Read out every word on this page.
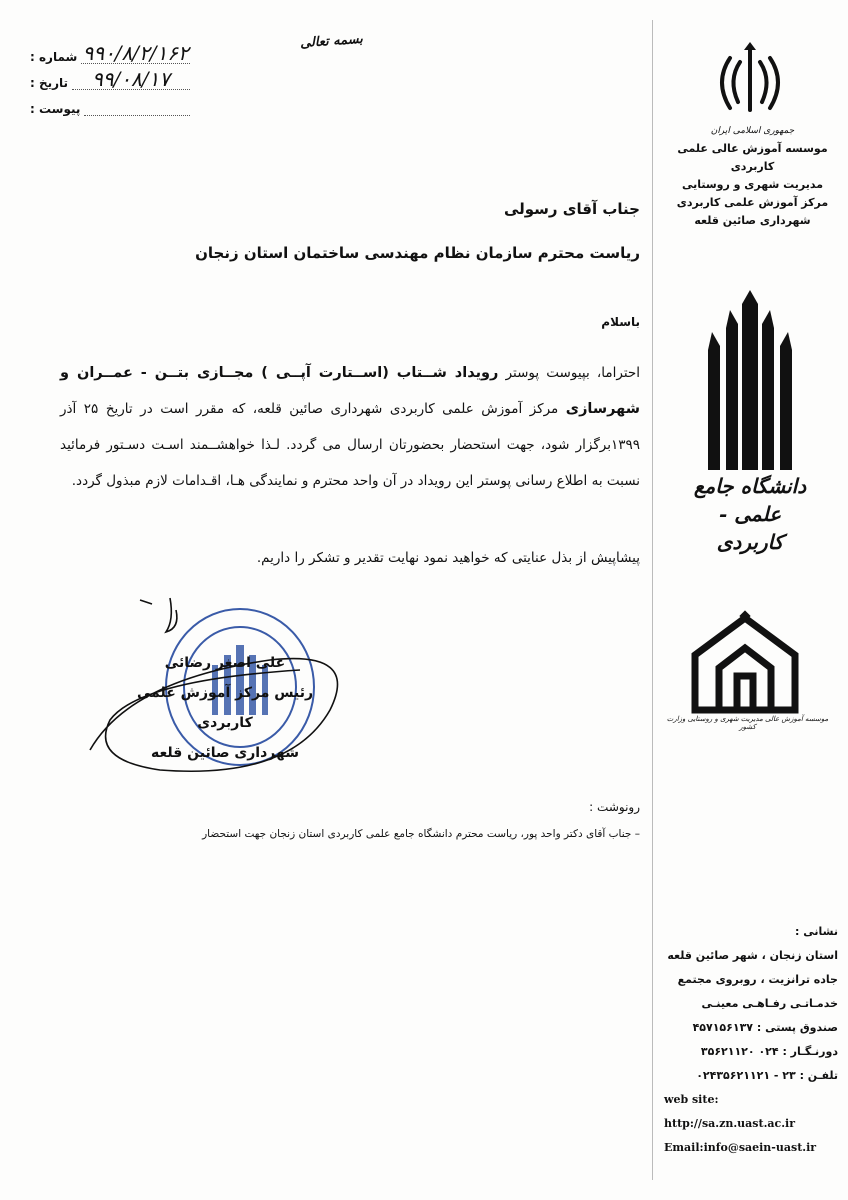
شماره : ۹۹۰/۸/۲/۱۶۲
تاریخ :	۹۹/۰۸/۱۷
پیوست :
بسمه تعالی
جمهوری اسلامی ایران
موسسه آموزش عالی علمی کاربردی
مدیریت شهری و روستایی
مرکز آموزش علمی کاربردی
شهرداری صائین قلعه
دانشگاه جامع
علمی - کاربردی
موسسه آموزش عالی مدیریت شهری و روستایی وزارت کشور
نشانی :
استان زنجان ، شهر صائین قلعه
جاده ترانزیت ، روبروی مجتمع
خدمـاتـی رفـاهـی معینـی
صندوق پستی : ۴۵۷۱۵۶۱۳۷
دورنـگـار : ۰۲۴ ۳۵۶۲۱۱۲۰
تلفـن : ۲۳ - ۰۲۴۳۵۶۲۱۱۲۱
web site: http://sa.zn.uast.ac.ir
Email:info@saein-uast.ir
جناب آقای رسولی
ریاست محترم سازمان نظام مهندسی ساختمان استان زنجان
باسلام
احتراما، بپیوست پوستر رویداد شــتاب (اســتارت آپــی ) مجــازی بتــن - عمــران و شهرسازی مرکز آموزش علمی کاربردی شهرداری صائین قلعه، که مقرر است در تاریخ ۲۵ آذر ۱۳۹۹برگزار شود، جهت استحضار بحضورتان ارسال می گردد. لـذا خواهشــمند اسـت دسـتور فرمائید نسبت به اطلاع رسانی پوستر این رویداد در آن واحد محترم و نمایندگی هـا، اقـدامات لازم مبذول گردد.
پیشاپیش از بذل عنایتی که خواهید نمود نهایت تقدیر و تشکر را داریم.
علی اصغر رضائی
رئیس مرکز آموزش علمی کاربردی
شهرداری صائین قلعه
رونوشت :
– جناب آقای دکتر واحد پور، ریاست محترم دانشگاه جامع علمی کاربردی استان زنجان جهت استحضار
